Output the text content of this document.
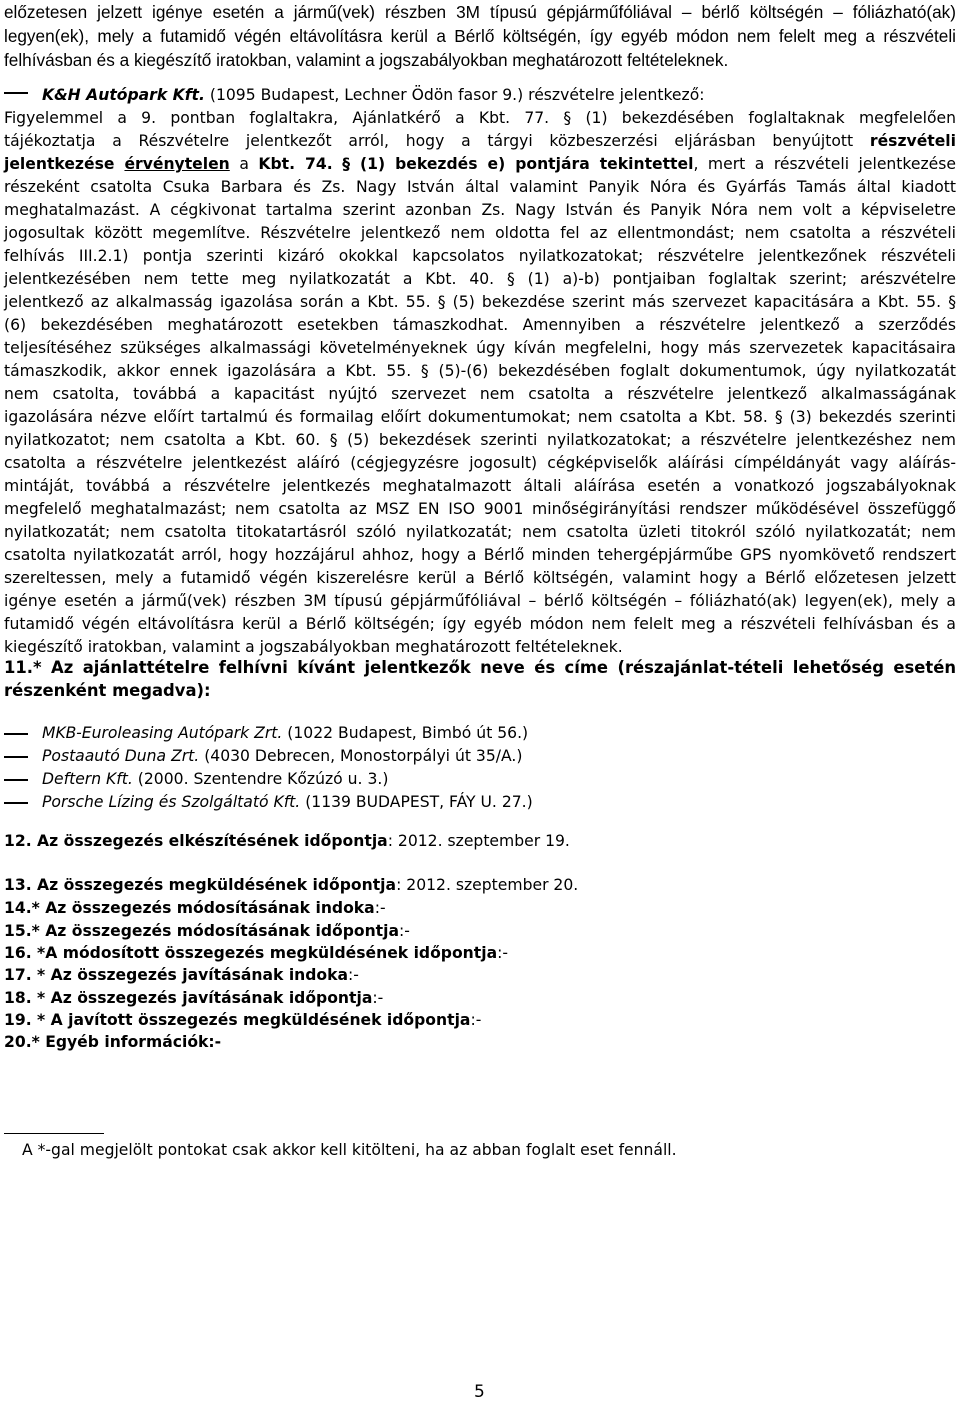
előzetesen jelzett igénye esetén a jármű(vek) részben 3M típusú gépjárműfóliával – bérlő költségén – fóliázható(ak)
legyen(ek), mely a futamidő végén eltávolításra kerül a Bérlő költségén, így egyéb módon nem felelt meg a részvételi
felhívásban és a kiegészítő iratokban, valamint a jogszabályokban meghatározott feltételeknek.
K&H Autópark Kft. (1095 Budapest, Lechner Ödön fasor 9.) részvételre jelentkező:
Figyelemmel a 9. pontban foglaltakra, Ajánlatkérő a Kbt. 77. § (1) bekezdésében foglaltaknak megfelelően
tájékoztatja a Részvételre jelentkezőt arról, hogy a tárgyi közbeszerzési eljárásban benyújtott részvételi
jelentkezése érvénytelen a Kbt. 74. § (1) bekezdés e) pontjára tekintettel, mert a részvételi jelentkezése
részeként csatolta Csuka Barbara és Zs. Nagy István által valamint Panyik Nóra és Gyárfás Tamás által kiadott
meghatalmazást. A cégkivonat tartalma szerint azonban Zs. Nagy István és Panyik Nóra nem volt a képviseletre
jogosultak között megemlítve. Részvételre jelentkező nem oldotta fel az ellentmondást; nem csatolta a részvételi
felhívás III.2.1) pontja szerinti kizáró okokkal kapcsolatos nyilatkozatokat; részvételre jelentkezőnek részvételi
jelentkezésében nem tette meg nyilatkozatát a Kbt. 40. § (1) a)-b) pontjaiban foglaltak szerint; arészvételre
jelentkező az alkalmasság igazolása során a Kbt. 55. § (5) bekezdése szerint más szervezet kapacitására a Kbt. 55. §
(6) bekezdésében meghatározott esetekben támaszkodhat. Amennyiben a részvételre jelentkező a szerződés
teljesítéséhez szükséges alkalmassági követelményeknek úgy kíván megfelelni, hogy más szervezetek kapacitásaira
támaszkodik, akkor ennek igazolására a Kbt. 55. § (5)-(6) bekezdésében foglalt dokumentumok, úgy nyilatkozatát
nem csatolta, továbbá a kapacitást nyújtó szervezet nem csatolta a részvételre jelentkező alkalmasságának
igazolására nézve előírt tartalmú és formailag előírt dokumentumokat; nem csatolta a Kbt. 58. § (3) bekezdés szerinti
nyilatkozatot; nem csatolta a Kbt. 60. § (5) bekezdések szerinti nyilatkozatokat; a részvételre jelentkezéshez nem
csatolta a részvételre jelentkezést aláíró (cégjegyzésre jogosult) cégképviselők aláírási címpéldányát vagy aláírás-
mintáját, továbbá a részvételre jelentkezés meghatalmazott általi aláírása esetén a vonatkozó jogszabályoknak
megfelelő meghatalmazást; nem csatolta az MSZ EN ISO 9001 minőségirányítási rendszer működésével összefüggő
nyilatkozatát; nem csatolta titokatartásról szóló nyilatkozatát; nem csatolta üzleti titokról szóló nyilatkozatát; nem
csatolta nyilatkozatát arról, hogy hozzájárul ahhoz, hogy a Bérlő minden tehergépjárműbe GPS nyomkövető rendszert
szereltessen, mely a futamidő végén kiszerelésre kerül a Bérlő költségén, valamint hogy a Bérlő előzetesen jelzett
igénye esetén a jármű(vek) részben 3M típusú gépjárműfóliával – bérlő költségén – fóliázható(ak) legyen(ek), mely a
futamidő végén eltávolításra kerül a Bérlő költségén; így egyéb módon nem felelt meg a részvételi felhívásban és a
kiegészítő iratokban, valamint a jogszabályokban meghatározott feltételeknek.
11.* Az ajánlattételre felhívni kívánt jelentkezők neve és címe (részajánlat-tételi lehetőség esetén
részenként megadva):
MKB-Euroleasing Autópark Zrt. (1022 Budapest, Bimbó út 56.)
Postaautó Duna Zrt. (4030 Debrecen, Monostorpályi út 35/A.)
Deftern Kft. (2000. Szentendre Kőzúzó u. 3.)
Porsche Lízing és Szolgáltató Kft. (1139 BUDAPEST, FÁY U. 27.)
12. Az összegezés elkészítésének időpontja: 2012. szeptember 19.
13. Az összegezés megküldésének időpontja: 2012. szeptember 20.
14.* Az összegezés módosításának indoka:-
15.* Az összegezés módosításának időpontja:-
16. *A módosított összegezés megküldésének időpontja:-
17. * Az összegezés javításának indoka:-
18. * Az összegezés javításának időpontja:-
19. * A javított összegezés megküldésének időpontja:-
20.* Egyéb információk:-
A *-gal megjelölt pontokat csak akkor kell kitölteni, ha az abban foglalt eset fennáll.
5
